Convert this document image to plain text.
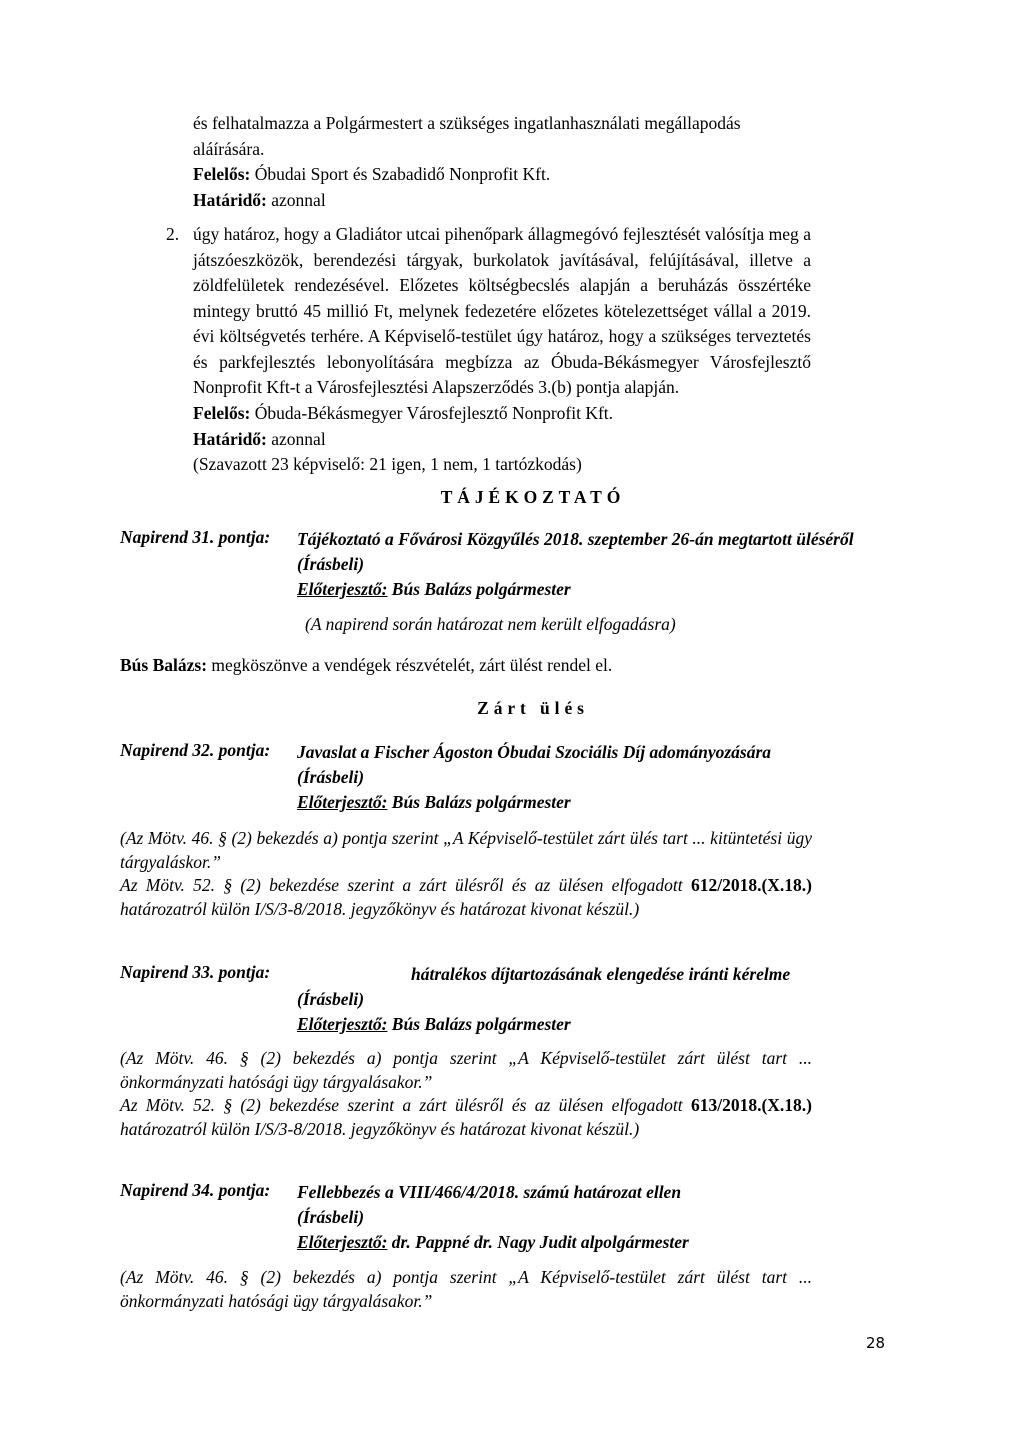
és felhatalmazza a Polgármestert a szükséges ingatlanhasználati megállapodás
aláírására.
Felelős: Óbudai Sport és Szabadidő Nonprofit Kft.
Határidő: azonnal
2. úgy határoz, hogy a Gladiátor utcai pihenőpark állagmegóvó fejlesztését valósítja meg a játszóeszközök, berendezési tárgyak, burkolatok javításával, felújításával, illetve a zöldfelületek rendezésével. Előzetes költségbecslés alapján a beruházás összértéke mintegy bruttó 45 millió Ft, melynek fedezetére előzetes kötelezettséget vállal a 2019. évi költségvetés terhére. A Képviselő-testület úgy határoz, hogy a szükséges terveztetés és parkfejlesztés lebonyolítására megbízza az Óbuda-Békásmegyer Városfejlesztő Nonprofit Kft-t a Városfejlesztési Alapszerződés 3.(b) pontja alapján.
Felelős: Óbuda-Békásmegyer Városfejlesztő Nonprofit Kft.
Határidő: azonnal
(Szavazott 23 képviselő: 21 igen, 1 nem, 1 tartózkodás)
TÁJÉKOZTATÓ
Napirend 31. pontja: Tájékoztató a Fővárosi Közgyűlés 2018. szeptember 26-án megtartott üléséről
(Írásbeli)
Előterjesztő: Bús Balázs polgármester
(A napirend során határozat nem került elfogadásra)
Bús Balázs: megköszönve a vendégek részvételét, zárt ülést rendel el.
Zárt ülés
Napirend 32. pontja: Javaslat a Fischer Ágoston Óbudai Szociális Díj adományozására
(Írásbeli)
Előterjesztő: Bús Balázs polgármester
(Az Mötv. 46. § (2) bekezdés a) pontja szerint „A Képviselő-testület zárt ülés tart ... kitüntetési ügy tárgyaláskor.”
Az Mötv. 52. § (2) bekezdése szerint a zárt ülésről és az ülésen elfogadott 612/2018.(X.18.) határozatról külön I/S/3-8/2018. jegyzőkönyv és határozat kivonat készül.)
Napirend 33. pontja:	hátralékos díjtartozásának elengedése iránti kérelme
(Írásbeli)
Előterjesztő: Bús Balázs polgármester
(Az Mötv. 46. § (2) bekezdés a) pontja szerint „A Képviselő-testület zárt ülést tart ... önkormányzati hatósági ügy tárgyalásakor.”
Az Mötv. 52. § (2) bekezdése szerint a zárt ülésről és az ülésen elfogadott 613/2018.(X.18.) határozatról külön I/S/3-8/2018. jegyzőkönyv és határozat kivonat készül.)
Napirend 34. pontja: Fellebbezés a VIII/466/4/2018. számú határozat ellen
(Írásbeli)
Előterjesztő: dr. Pappné dr. Nagy Judit alpolgármester
(Az Mötv. 46. § (2) bekezdés a) pontja szerint „A Képviselő-testület zárt ülést tart ... önkormányzati hatósági ügy tárgyalásakor.”
28
